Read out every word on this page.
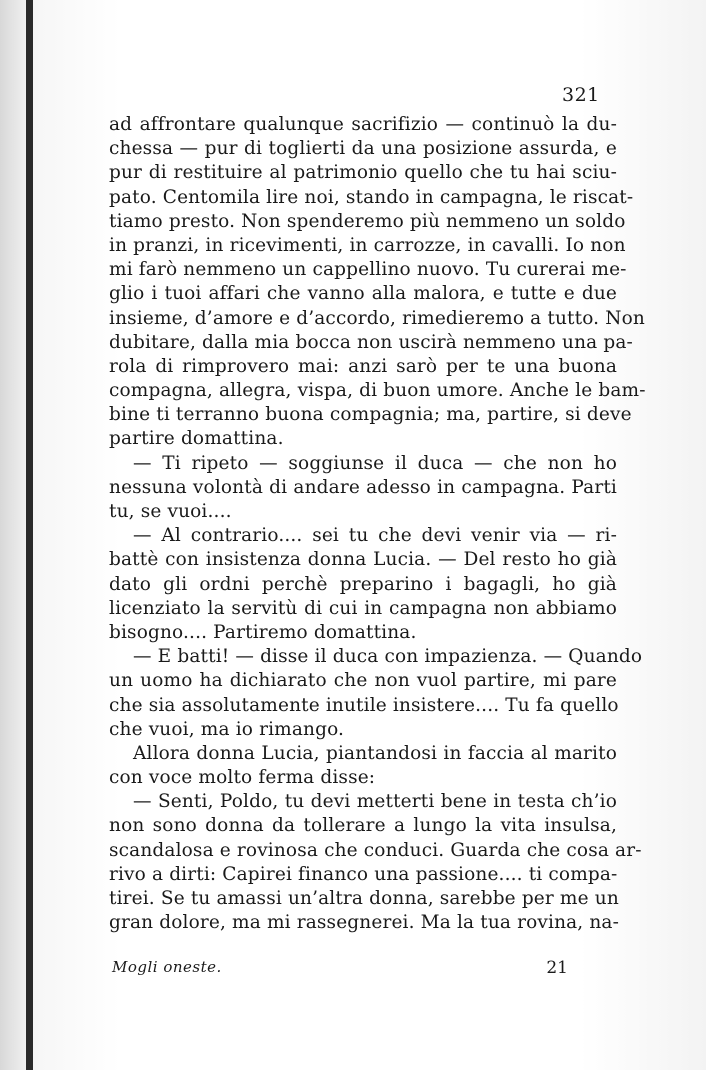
321
ad affrontare qualunque sacrifizio — continuò la du-
chessa — pur di toglierti da una posizione assurda, e
pur di restituire al patrimonio quello che tu hai sciu-
pato. Centomila lire noi, stando in campagna, le riscat-
tiamo presto. Non spenderemo più nemmeno un soldo
in pranzi, in ricevimenti, in carrozze, in cavalli. Io non
mi farò nemmeno un cappellino nuovo. Tu curerai me-
glio i tuoi affari che vanno alla malora, e tutte e due
insieme, d’amore e d’accordo, rimedieremo a tutto. Non
dubitare, dalla mia bocca non uscirà nemmeno una pa-
rola di rimprovero mai: anzi sarò per te una buona
compagna, allegra, vispa, di buon umore. Anche le bam-
bine ti terranno buona compagnia; ma, partire, si deve
partire domattina.
— Ti ripeto — soggiunse il duca — che non ho
nessuna volontà di andare adesso in campagna. Parti
tu, se vuoi....
— Al contrario.... sei tu che devi venir via — ri-
battè con insistenza donna Lucia. — Del resto ho già
dato gli ordni perchè preparino i bagagli, ho già
licenziato la servitù di cui in campagna non abbiamo
bisogno.... Partiremo domattina.
— E batti! — disse il duca con impazienza. — Quando
un uomo ha dichiarato che non vuol partire, mi pare
che sia assolutamente inutile insistere.... Tu fa quello
che vuoi, ma io rimango.
Allora donna Lucia, piantandosi in faccia al marito
con voce molto ferma disse:
— Senti, Poldo, tu devi metterti bene in testa ch’io
non sono donna da tollerare a lungo la vita insulsa,
scandalosa e rovinosa che conduci. Guarda che cosa ar-
rivo a dirti: Capirei financo una passione.... ti compa-
tirei. Se tu amassi un’altra donna, sarebbe per me un
gran dolore, ma mi rassegnerei. Ma la tua rovina, na-
Mogli oneste.	21
